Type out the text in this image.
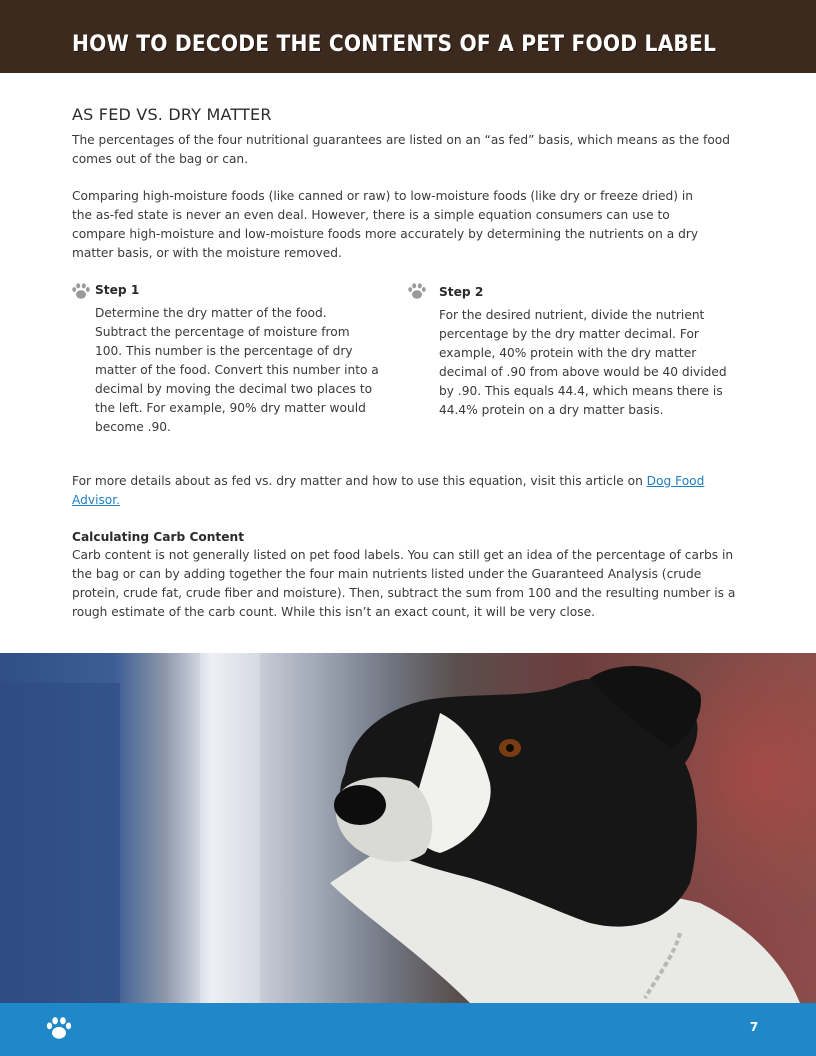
HOW TO DECODE THE CONTENTS OF A PET FOOD LABEL
AS FED VS. DRY MATTER

The percentages of the four nutritional guarantees are listed on an “as fed” basis, which means as the food comes out of the bag or can.

Comparing high-moisture foods (like canned or raw) to low-moisture foods (like dry or freeze dried) in the as-fed state is never an even deal. However, there is a simple equation consumers can use to compare high-moisture and low-moisture foods more accurately by determining the nutrients on a dry matter basis, or with the moisture removed.

Step 1

Determine the dry matter of the food. Subtract the percentage of moisture from 100. This number is the percentage of dry matter of the food. Convert this number into a decimal by moving the decimal two places to the left. For example, 90% dry matter would become .90.

Step 2

For the desired nutrient, divide the nutrient percentage by the dry matter decimal. For example, 40% protein with the dry matter decimal of .90 from above would be 40 divided by .90. This equals 44.4, which means there is 44.4% protein on a dry matter basis.

For more details about as fed vs. dry matter and how to use this equation, visit this article on Dog Food Advisor.

Calculating Carb Content

Carb content is not generally listed on pet food labels. You can still get an idea of the percentage of carbs in the bag or can by adding together the four main nutrients listed under the Guaranteed Analysis (crude protein, crude fat, crude fiber and moisture). Then, subtract the sum from 100 and the resulting number is a rough estimate of the carb count. While this isn’t an exact count, it will be very close.

7
